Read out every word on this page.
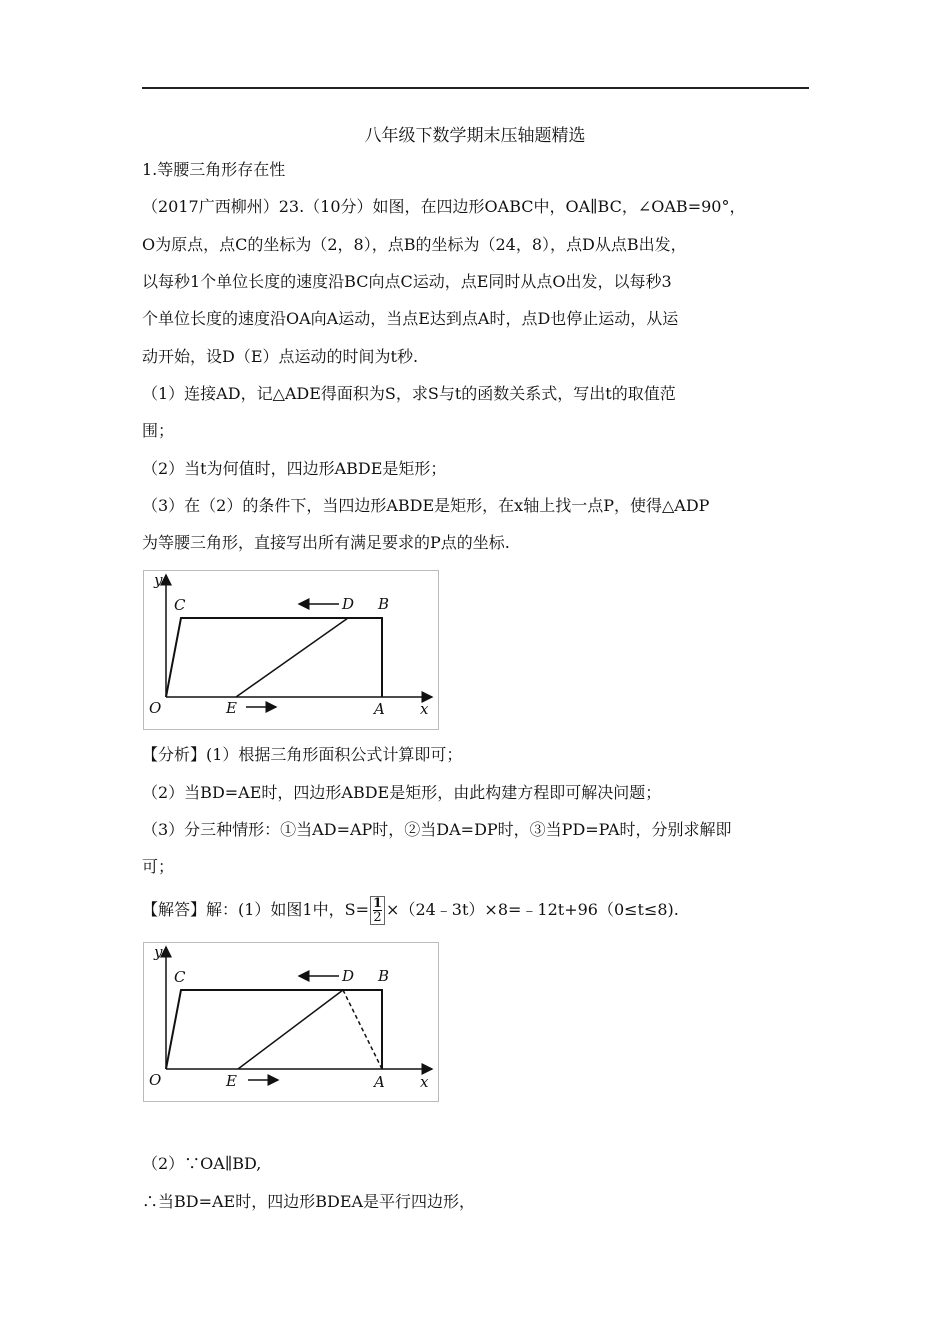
八年级下数学期末压轴题精选
1.等腰三角形存在性
（2017广西柳州）23.（10分）如图，在四边形OABC中，OA∥BC，∠OAB=90°，
O为原点，点C的坐标为（2，8），点B的坐标为（24，8），点D从点B出发，
以每秒1个单位长度的速度沿BC向点C运动，点E同时从点O出发，以每秒3
个单位长度的速度沿OA向A运动，当点E达到点A时，点D也停止运动，从运
动开始，设D（E）点运动的时间为t秒.
（1）连接AD，记△ADE得面积为S，求S与t的函数关系式，写出t的取值范
围；
（2）当t为何值时，四边形ABDE是矩形；
（3）在（2）的条件下，当四边形ABDE是矩形，在x轴上找一点P，使得△ADP
为等腰三角形，直接写出所有满足要求的P点的坐标.
y
C	D B
O	E	A x
【分析】(1）根据三角形面积公式计算即可；
（2）当BD=AE时，四边形ABDE是矩形，由此构建方程即可解决问题；
（3）分三种情形：①当AD=AP时，②当DA=DP时，③当PD=PA时，分别求解即
可；
【解答】解：(1）如图1中，$S= \frac{1}{2}$ ×（24﹣3t）×8=﹣12t+96（0≤t≤8).
y
C	D B
O	E	A x
（2）∵OA∥BD,
∴当BD=AE时，四边形BDEA是平行四边形，
